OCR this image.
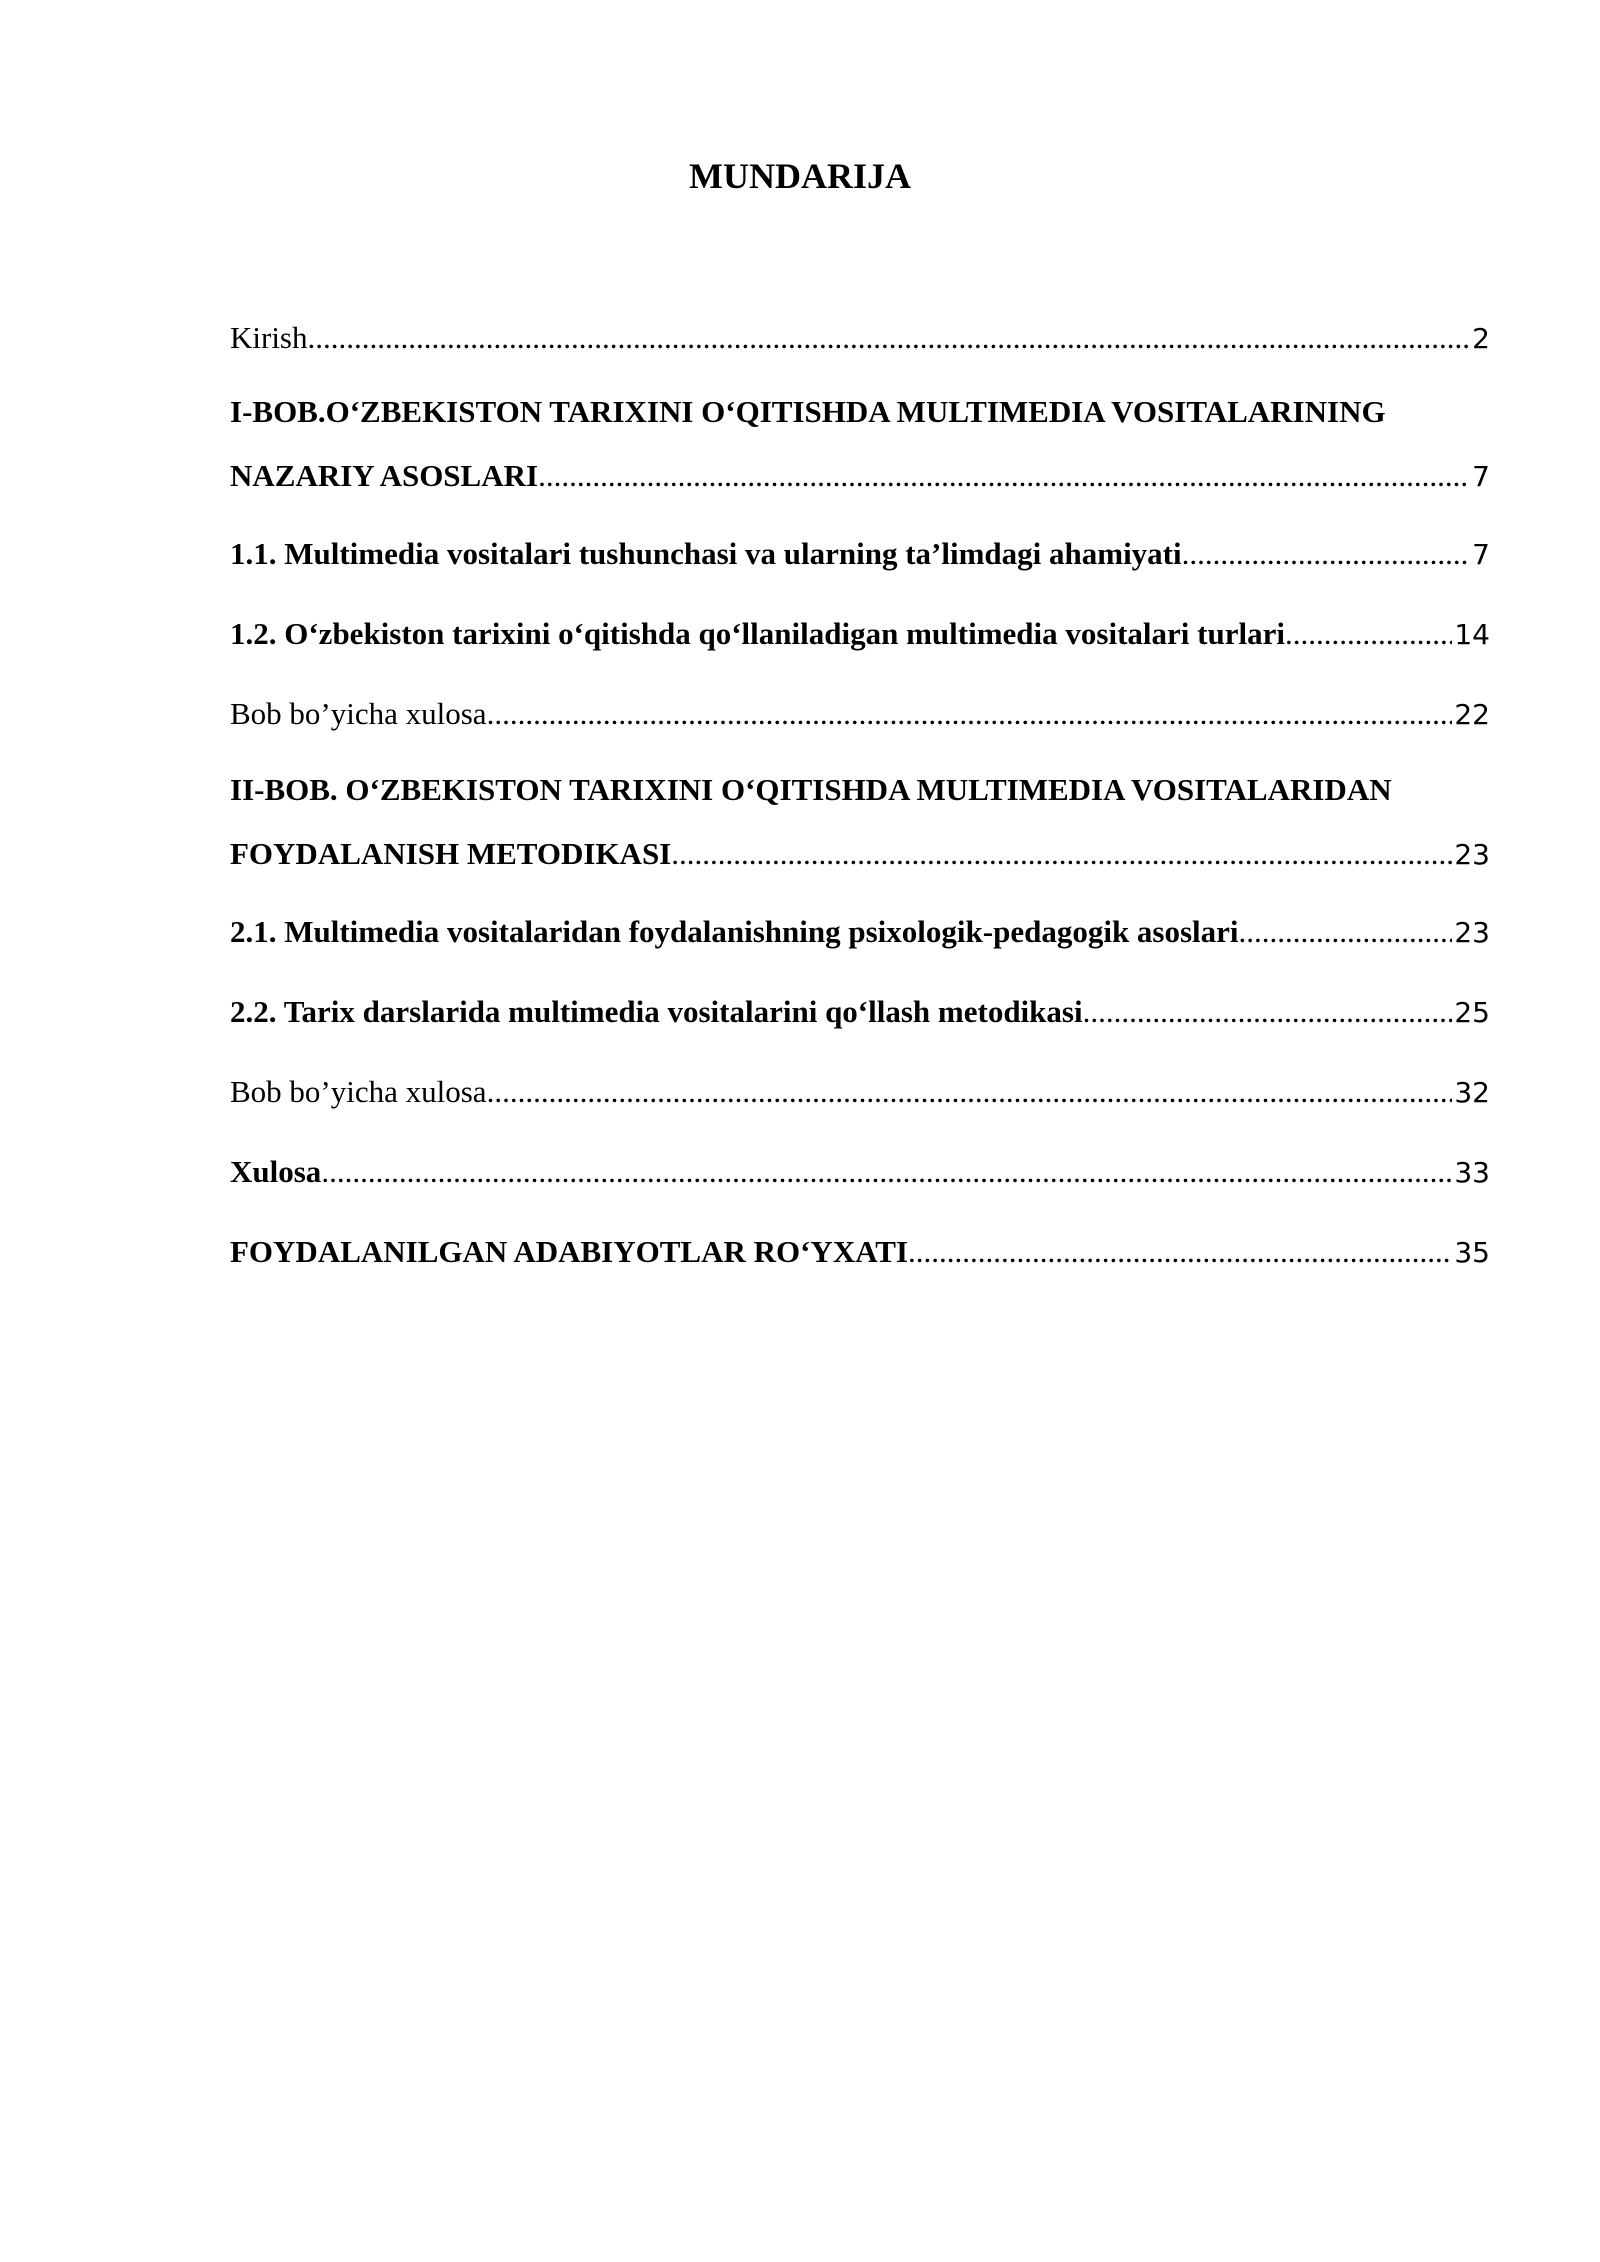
MUNDARIJA
Kirish .....	2
I-BOB.O‘ZBEKISTON TARIXINI O‘QITISHDA MULTIMEDIA VOSITALARINING
NAZARIY ASOSLARI .....	7
1.1. Multimedia vositalari tushunchasi va ularning ta’limdagi ahamiyati .....	7
1.2. O‘zbekiston tarixini o‘qitishda qo‘llaniladigan multimedia vositalari turlari .....	14
Bob bo’yicha xulosa .....	22
II-BOB. O‘ZBEKISTON TARIXINI O‘QITISHDA MULTIMEDIA VOSITALARIDAN
FOYDALANISH METODIKASI .....	23
2.1. Multimedia vositalaridan foydalanishning psixologik-pedagogik asoslari .....	23
2.2. Tarix darslarida multimedia vositalarini qo‘llash metodikasi .....	25
Bob bo’yicha xulosa .....	32
Xulosa .....	33
FOYDALANILGAN ADABIYOTLAR RO‘YXATI .....	35
